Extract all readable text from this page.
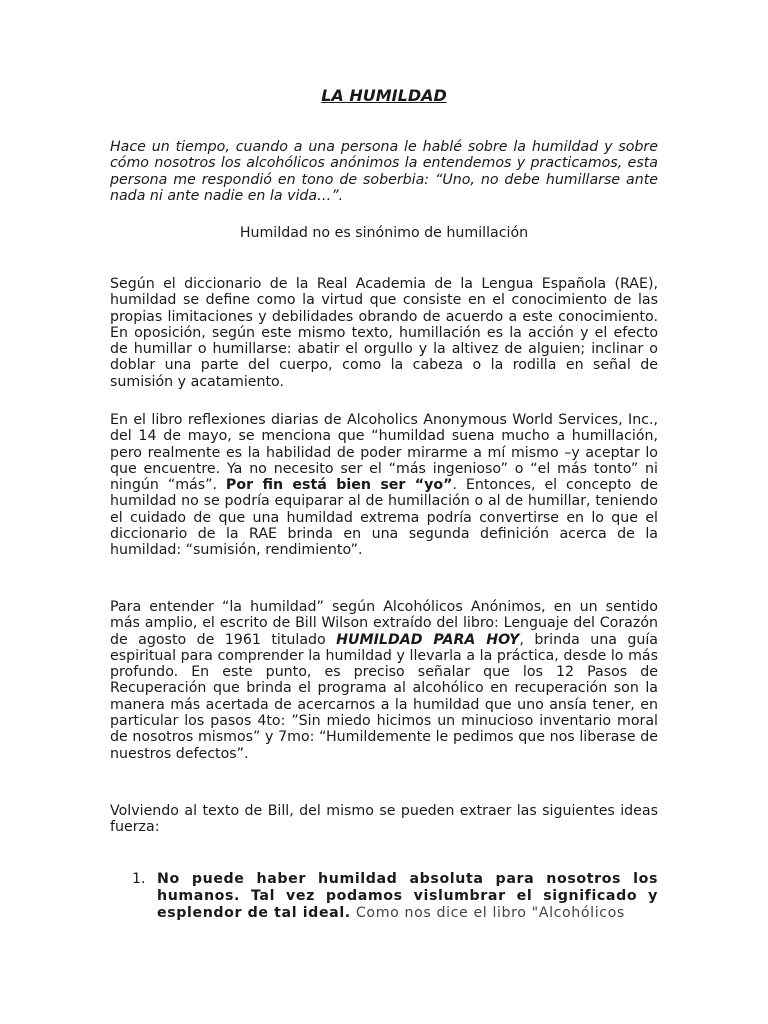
LA HUMILDAD

Hace un tiempo, cuando a una persona le hablé sobre la humildad y sobre cómo nosotros los alcohólicos anónimos la entendemos y practicamos, esta persona me respondió en tono de soberbia: “Uno, no debe humillarse ante nada ni ante nadie en la vida…”.

Humildad no es sinónimo de humillación

Según el diccionario de la Real Academia de la Lengua Española (RAE), humildad se define como la virtud que consiste en el conocimiento de las propias limitaciones y debilidades obrando de acuerdo a este conocimiento. En oposición, según este mismo texto, humillación es la acción y el efecto de humillar o humillarse: abatir el orgullo y la altivez de alguien; inclinar o doblar una parte del cuerpo, como la cabeza o la rodilla en señal de sumisión y acatamiento.

En el libro reflexiones diarias de Alcoholics Anonymous World Services, Inc., del 14 de mayo, se menciona que “humildad suena mucho a humillación, pero realmente es la habilidad de poder mirarme a mí mismo –y aceptar lo que encuentre. Ya no necesito ser el “más ingenioso” o “el más tonto” ni ningún “más”. Por fin está bien ser “yo”. Entonces, el concepto de humildad no se podría equiparar al de humillación o al de humillar, teniendo el cuidado de que una humildad extrema podría convertirse en lo que el diccionario de la RAE brinda en una segunda definición acerca de la humildad: “sumisión, rendimiento”.

Para entender “la humildad” según Alcohólicos Anónimos, en un sentido más amplio, el escrito de Bill Wilson extraído del libro: Lenguaje del Corazón de agosto de 1961 titulado HUMILDAD PARA HOY, brinda una guía espiritual para comprender la humildad y llevarla a la práctica, desde lo más profundo. En este punto, es preciso señalar que los 12 Pasos de Recuperación que brinda el programa al alcohólico en recuperación son la manera más acertada de acercarnos a la humildad que uno ansía tener, en particular los pasos 4to: ”Sin miedo hicimos un minucioso inventario moral de nosotros mismos” y 7mo: “Humildemente le pedimos que nos liberase de nuestros defectos”.

Volviendo al texto de Bill, del mismo se pueden extraer las siguientes ideas fuerza:

1. No puede haber humildad absoluta para nosotros los humanos. Tal vez podamos vislumbrar el significado y esplendor de tal ideal. Como nos dice el libro "Alcohólicos
